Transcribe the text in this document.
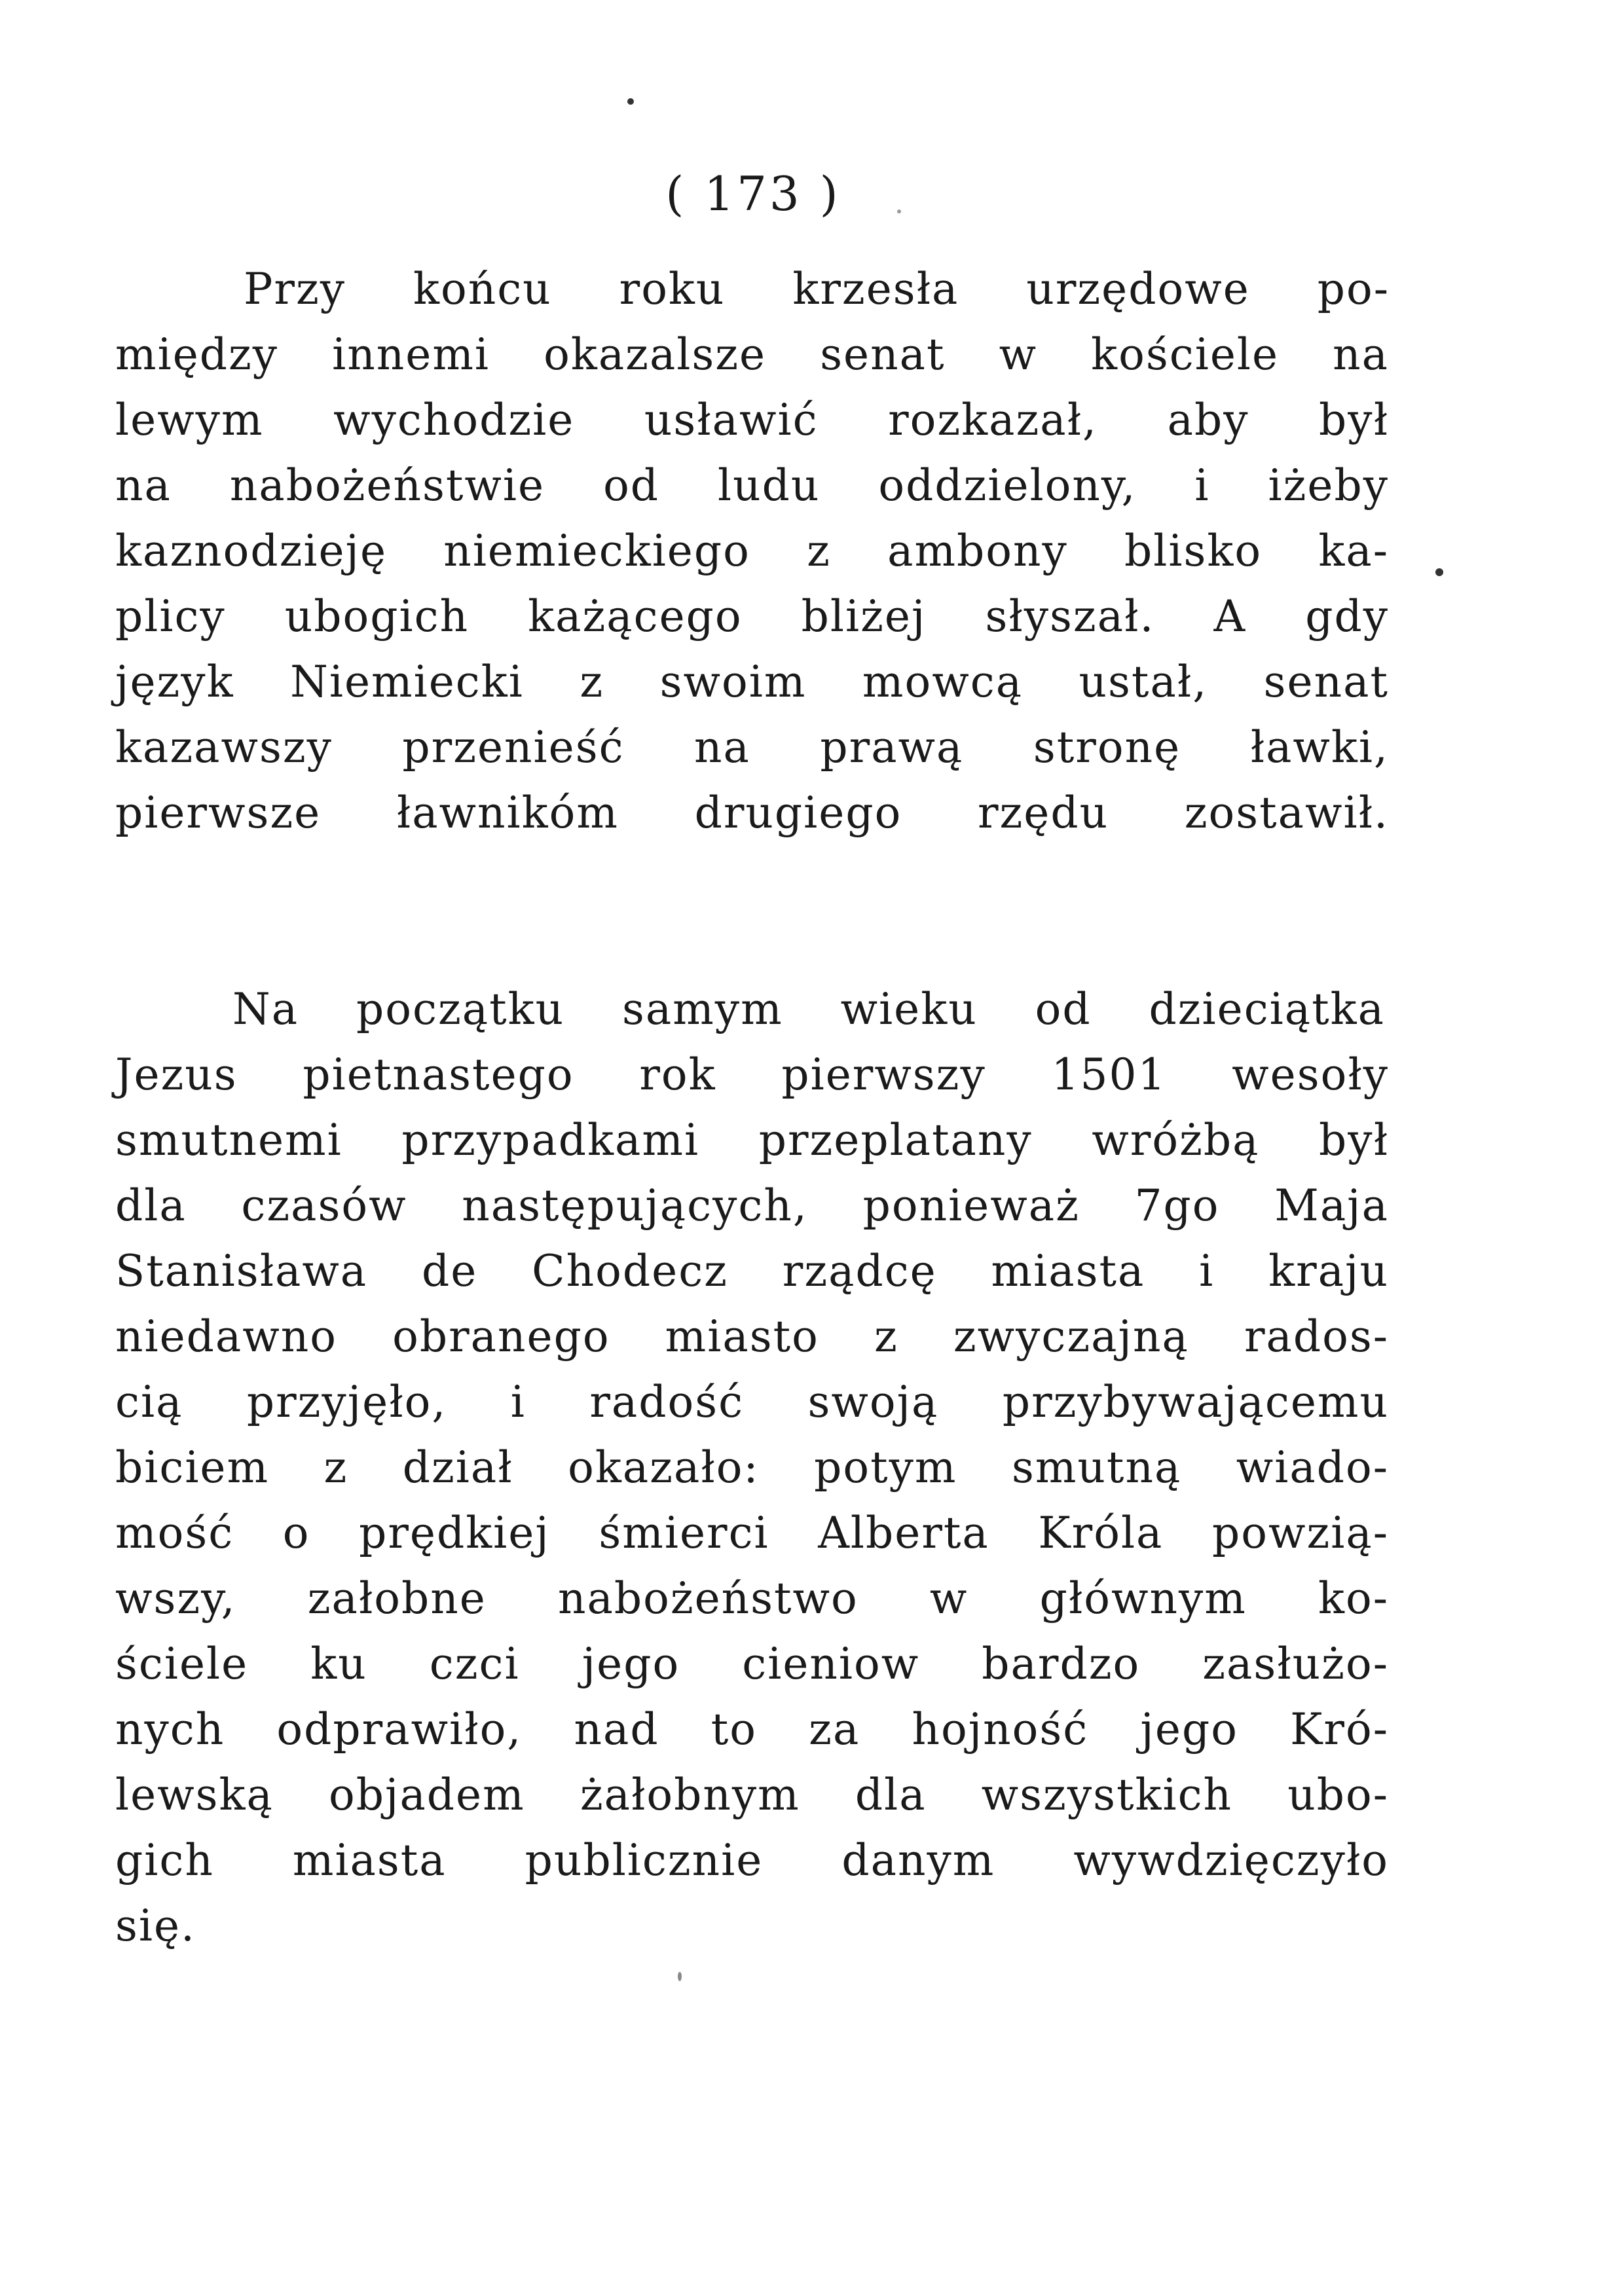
( 173 )
Przy końcu roku krzesła urzędowe po-
między innemi okazalsze senat w kościele na
lewym wychodzie usławić rozkazał, aby był
na nabożeństwie od ludu oddzielony, i iżeby
kaznodzieję niemieckiego z ambony blisko ka-
plicy ubogich każącego bliżej słyszał. A gdy
język Niemiecki z swoim mowcą ustał, senat
kazawszy przenieść na prawą stronę ławki,
pierwsze ławnikóm drugiego rzędu zostawił.
Na początku samym wieku od dzieciątka
Jezus pietnastego rok pierwszy 1501 wesoły
smutnemi przypadkami przeplatany wróżbą był
dla czasów następujących, ponieważ 7go Maja
Stanisława de Chodecz rządcę miasta i kraju
niedawno obranego miasto z zwyczajną rados-
cią przyjęło, i radość swoją przybywającemu
biciem z dział okazało: potym smutną wiado-
mość o prędkiej śmierci Alberta Króla powzią-
wszy, załobne nabożeństwo w głównym ko-
ściele ku czci jego cieniow bardzo zasłużo-
nych odprawiło, nad to za hojność jego Kró-
lewską objadem żałobnym dla wszystkich ubo-
gich miasta publicznie danym wywdzięczyło
się.
